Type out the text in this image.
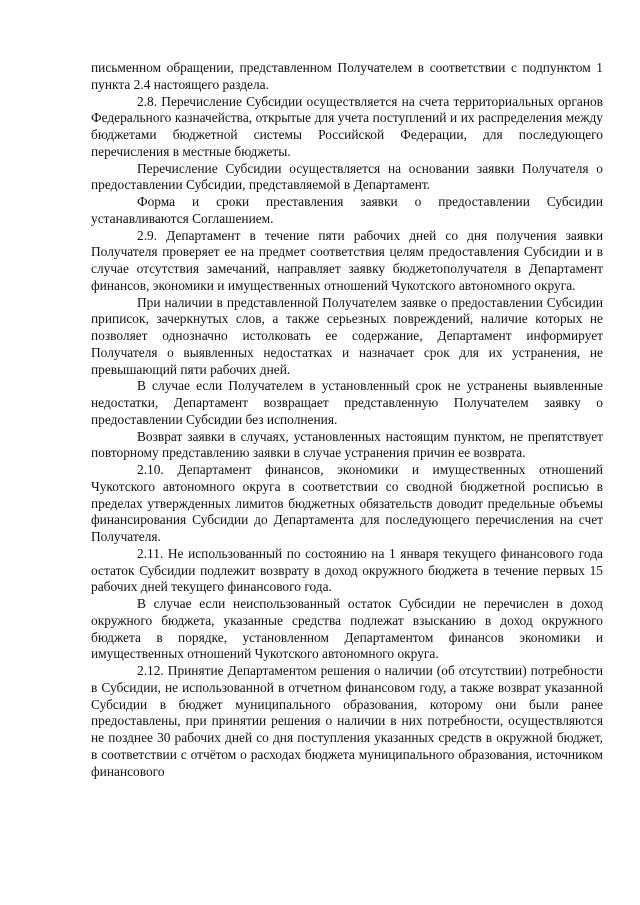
письменном обращении, представленном Получателем в соответствии с подпунктом 1 пункта 2.4 настоящего раздела.

2.8. Перечисление Субсидии осуществляется на счета территориальных органов Федерального казначейства, открытые для учета поступлений и их распределения между бюджетами бюджетной системы Российской Федерации, для последующего перечисления в местные бюджеты.

Перечисление Субсидии осуществляется на основании заявки Получателя о предоставлении Субсидии, представляемой в Департамент.

Форма и сроки преставления заявки о предоставлении Субсидии устанавливаются Соглашением.

2.9. Департамент в течение пяти рабочих дней со дня получения заявки Получателя проверяет ее на предмет соответствия целям предоставления Субсидии и в случае отсутствия замечаний, направляет заявку бюджетополучателя в Департамент финансов, экономики и имущественных отношений Чукотского автономного округа.

При наличии в представленной Получателем заявке о предоставлении Субсидии приписок, зачеркнутых слов, а также серьезных повреждений, наличие которых не позволяет однозначно истолковать ее содержание, Департамент информирует Получателя о выявленных недостатках и назначает срок для их устранения, не превышающий пяти рабочих дней.

В случае если Получателем в установленный срок не устранены выявленные недостатки, Департамент возвращает представленную Получателем заявку о предоставлении Субсидии без исполнения.

Возврат заявки в случаях, установленных настоящим пунктом, не препятствует повторному представлению заявки в случае устранения причин ее возврата.

2.10. Департамент финансов, экономики и имущественных отношений Чукотского автономного округа в соответствии со сводной бюджетной росписью в пределах утвержденных лимитов бюджетных обязательств доводит предельные объемы финансирования Субсидии до Департамента для последующего перечисления на счет Получателя.

2.11. Не использованный по состоянию на 1 января текущего финансового года остаток Субсидии подлежит возврату в доход окружного бюджета в течение первых 15 рабочих дней текущего финансового года.

В случае если неиспользованный остаток Субсидии не перечислен в доход окружного бюджета, указанные средства подлежат взысканию в доход окружного бюджета в порядке, установленном Департаментом финансов экономики и имущественных отношений Чукотского автономного округа.

2.12. Принятие Департаментом решения о наличии (об отсутствии) потребности в Субсидии, не использованной в отчетном финансовом году, а также возврат указанной Субсидии в бюджет муниципального образования, которому они были ранее предоставлены, при принятии решения о наличии в них потребности, осуществляются не позднее 30 рабочих дней со дня поступления указанных средств в окружной бюджет, в соответствии с отчётом о расходах бюджета муниципального образования, источником финансового
